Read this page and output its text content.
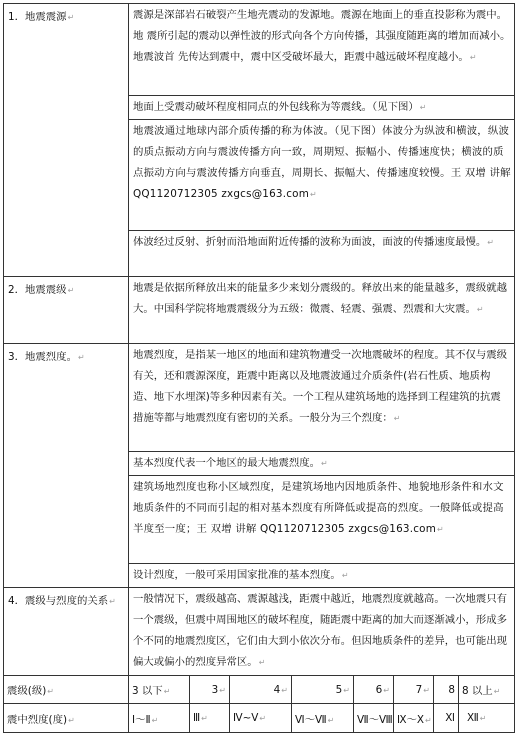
1．地震震源↵	震源是深部岩石破裂产生地壳震动的发源地。震源在地面上的垂直投影称为震中。地 震所引起的震动以弹性波的形式向各个方向传播，其强度随距离的增加而减小。地震波首 先传达到震中，震中区受破坏最大，距震中越远破坏程度越小。↵
	地面上受震动破坏程度相同点的外包线称为等震线。（见下图）↵
	地震波通过地球内部介质传播的称为体波。（见下图）体波分为纵波和横波，纵波的质点振动方向与震波传播方向一致，周期短、振幅小、传播速度快；横波的质 点振动方向与震波传播方向垂直，周期长、振幅大、传播速度较慢。王 双增 讲解 QQ1120712305 zxgcs@163.com↵
	体波经过反射、折射而沿地面附近传播的波称为面波，面波的传播速度最慢。↵
2．地震震级↵	地震是依据所释放出来的能量多少来划分震级的。释放出来的能量越多，震级就越大。中国科学院将地震震级分为五级：微震、轻震、强震、烈震和大灾震。↵
3．地震烈度。↵	地震烈度，是指某一地区的地面和建筑物遭受一次地震破坏的程度。其不仅与震级有关，还和震源深度，距震中距离以及地震波通过介质条件(岩石性质、地质构造、地下水埋深)等多种因素有关。一个工程从建筑场地的选择到工程建筑的抗震措施等都与地震烈度有密切的关系。一般分为三个烈度：↵
	基本烈度代表一个地区的最大地震烈度。↵
	建筑场地烈度也称小区域烈度，是建筑场地内因地质条件、地貌地形条件和水文地质条件的不同而引起的相对基本烈度有所降低或提高的烈度。一般降低或提高半度至一度；王 双增 讲解 QQ1120712305 zxgcs@163.com↵
	设计烈度，一般可采用国家批准的基本烈度。↵
4．震级与烈度的关系↵	一般情况下，震级越高、震源越浅，距震中越近，地震烈度就越高。一次地震只有一个震级，但震中周围地区的破坏程度，随距震中距离的加大而逐渐减小，形成多个不同的地震烈度区，它们由大到小依次分布。但因地质条件的差异，也可能出现偏大或偏小的烈度异常区。↵
震级(级)↵	3 以下↵	3↵	4↵	5↵	6↵	7↵	8	8 以上↵
震中烈度(度)↵	Ⅰ～Ⅱ↵	Ⅲ↵	Ⅳ~Ⅴ↵	Ⅵ～Ⅶ↵	Ⅶ～Ⅷ	Ⅸ～Ⅹ↵	Ⅺ	Ⅻ↵
